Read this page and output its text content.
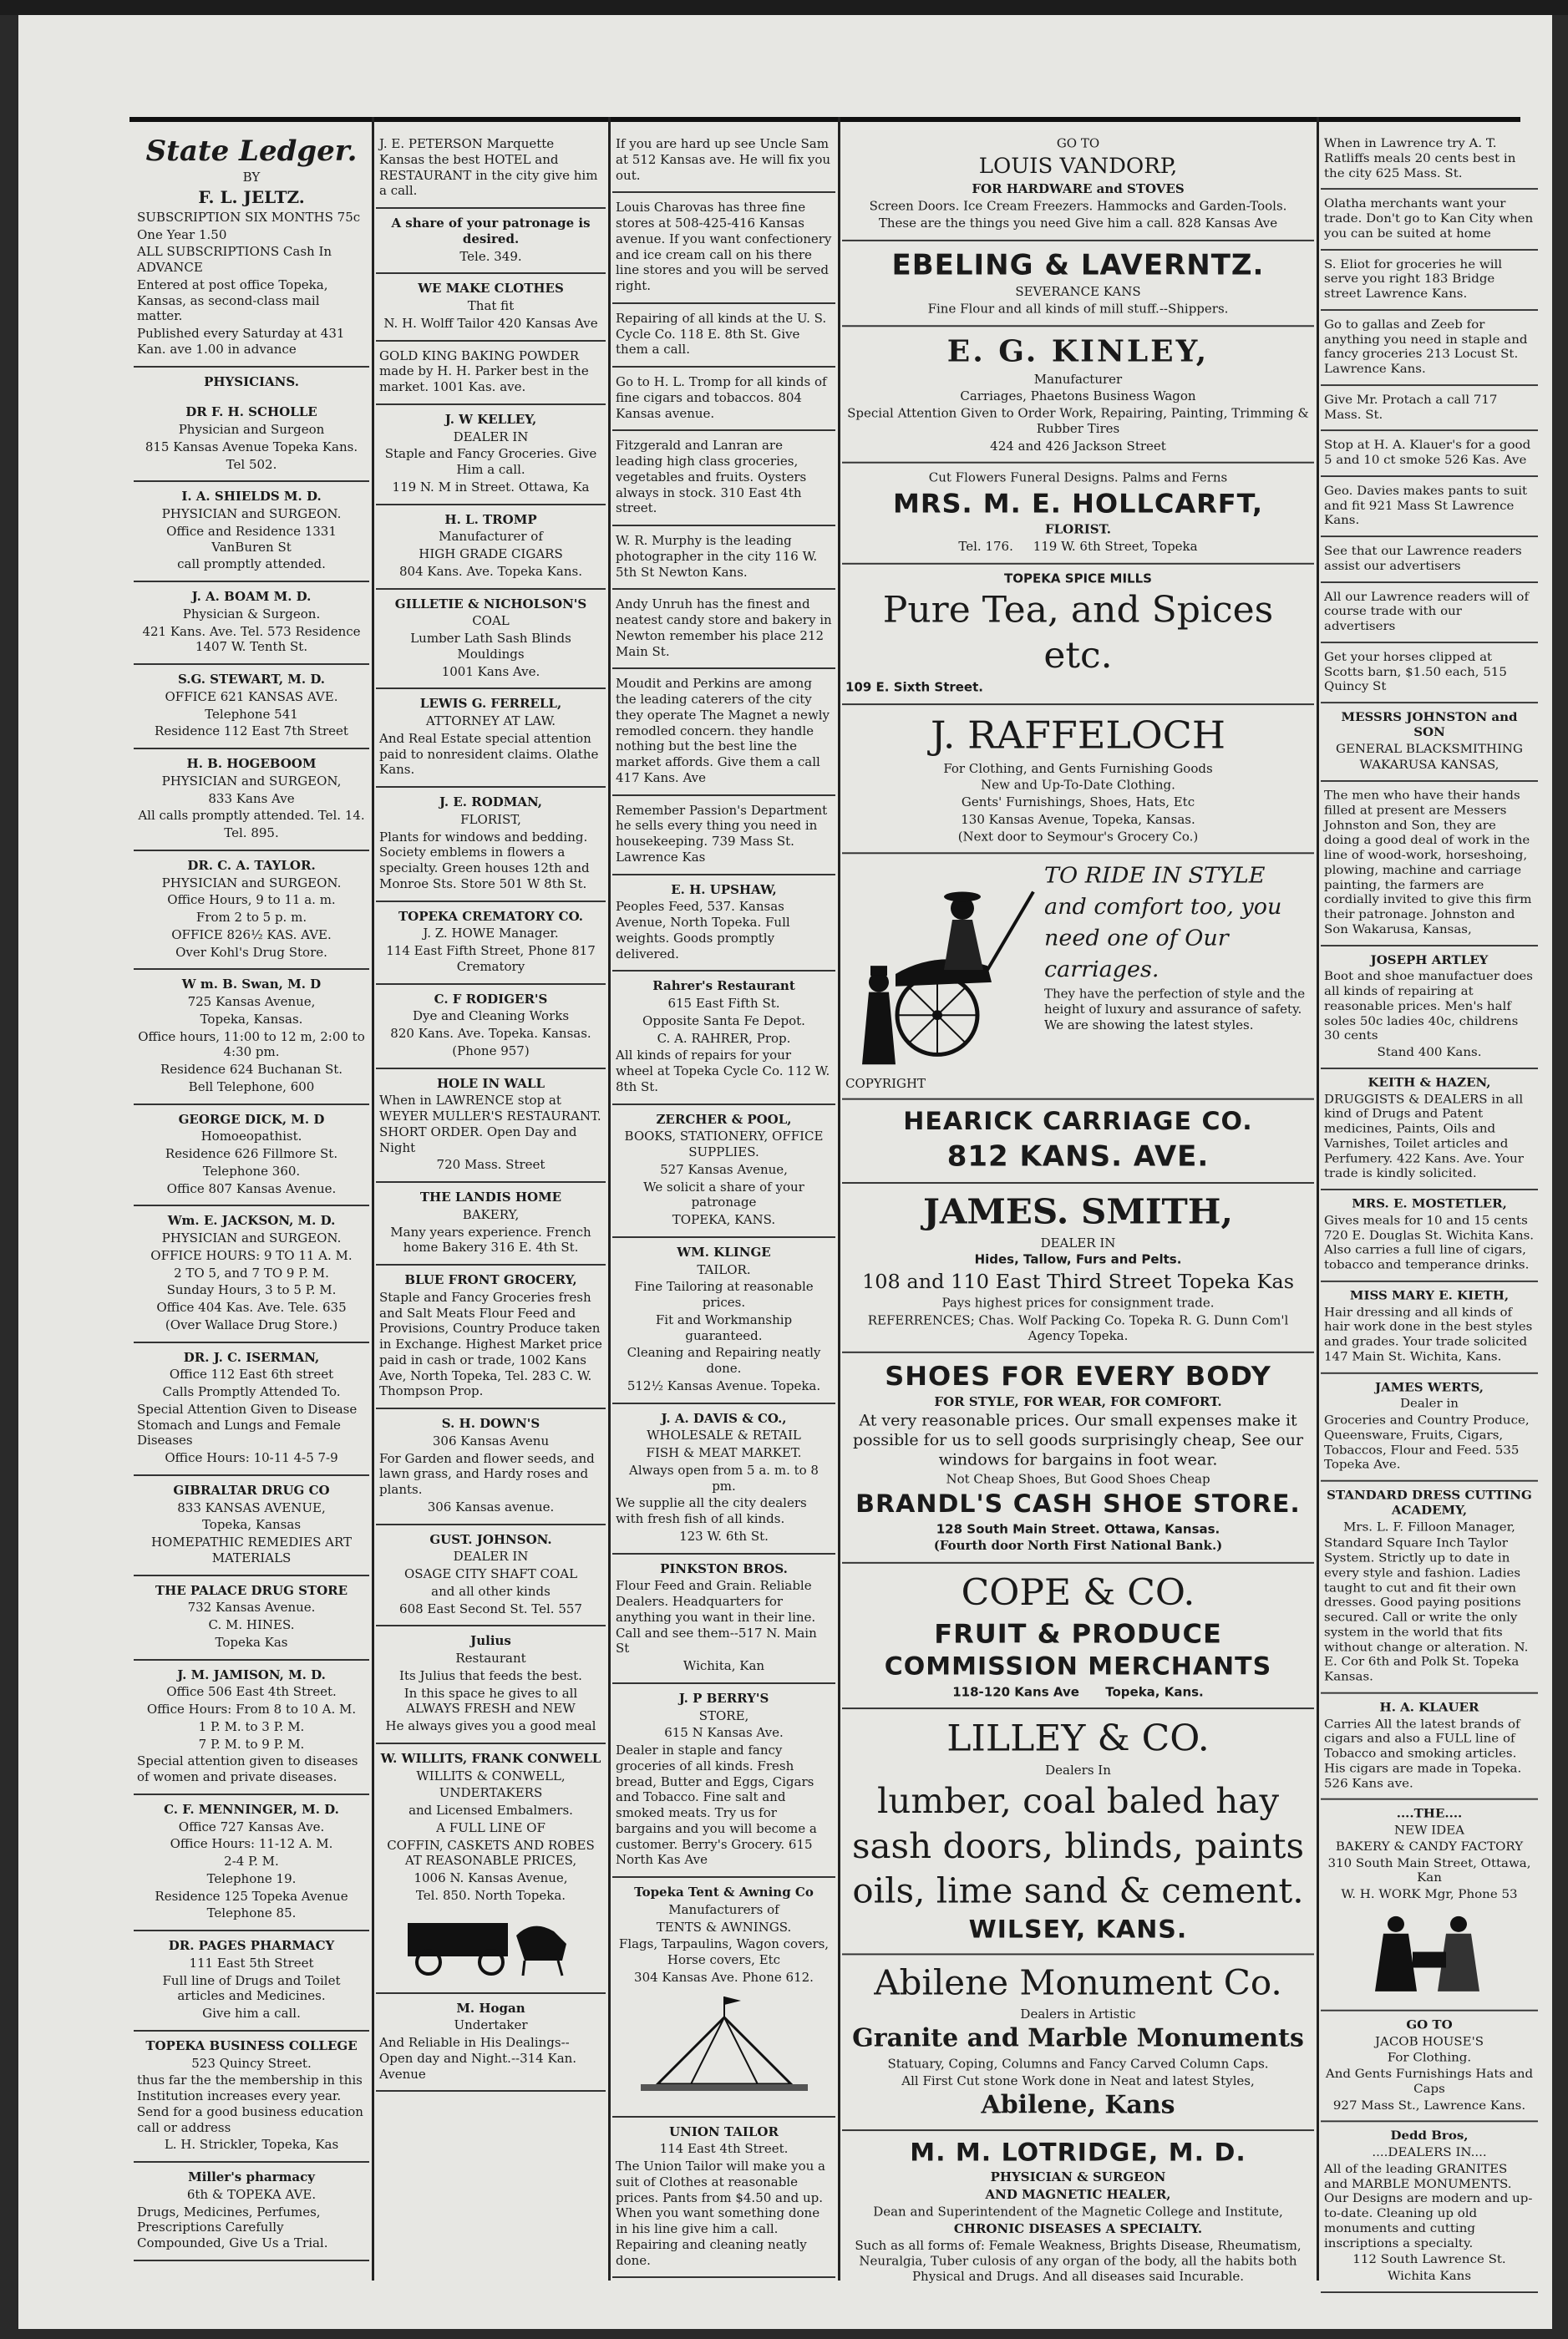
State Ledger.

BY

F. L. JELTZ.

SUBSCRIPTION SIX MONTHS 75c

One Year 1.50

ALL SUBSCRIPTIONS Cash In ADVANCE

Entered at post office Topeka, Kansas, as second-class mail matter.

Published every Saturday at 431 Kan. ave 1.00 in advance

PHYSICIANS.

DR F. H. SCHOLLE

Physician and Surgeon

815 Kansas Avenue Topeka Kans.

Tel 502.

I. A. SHIELDS M. D.

PHYSICIAN and SURGEON.

Office and Residence 1331 VanBuren St

call promptly attended.

J. A. BOAM M. D.

Physician & Surgeon.

421 Kans. Ave. Tel. 573 Residence 1407 W. Tenth St.

S.G. STEWART, M. D.

OFFICE 621 KANSAS AVE.

Telephone 541

Residence 112 East 7th Street

H. B. HOGEBOOM

PHYSICIAN and SURGEON,

833 Kans Ave

All calls promptly attended. Tel. 14.

Tel. 895.

DR. C. A. TAYLOR.

PHYSICIAN and SURGEON.

Office Hours, 9 to 11 a. m.

From 2 to 5 p. m.

OFFICE 826½ KAS. AVE.

Over Kohl's Drug Store.

W m. B. Swan, M. D

725 Kansas Avenue,

Topeka, Kansas.

Office hours, 11:00 to 12 m, 2:00 to 4:30 pm.

Residence 624 Buchanan St.

Bell Telephone, 600

GEORGE DICK, M. D

Homoeopathist.

Residence 626 Fillmore St.

Telephone 360.

Office 807 Kansas Avenue.

Wm. E. JACKSON, M. D.

PHYSICIAN and SURGEON.

OFFICE HOURS: 9 TO 11 A. M.

2 TO 5, and 7 TO 9 P. M.

Sunday Hours, 3 to 5 P. M.

Office 404 Kas. Ave. Tele. 635

(Over Wallace Drug Store.)

DR. J. C. ISERMAN,

Office 112 East 6th street

Calls Promptly Attended To.

Special Attention Given to Disease Stomach and Lungs and Female Diseases

Office Hours: 10-11 4-5 7-9

GIBRALTAR DRUG CO

833 KANSAS AVENUE,

Topeka, Kansas

HOMEPATHIC REMEDIES ART MATERIALS

THE PALACE DRUG STORE

732 Kansas Avenue.

C. M. HINES.

Topeka Kas

J. M. JAMISON, M. D.

Office 506 East 4th Street.

Office Hours: From 8 to 10 A. M.

1 P. M. to 3 P. M.

7 P. M. to 9 P. M.

Special attention given to diseases of women and private diseases.

C. F. MENNINGER, M. D.

Office 727 Kansas Ave.

Office Hours: 11-12 A. M.

2-4 P. M.

Telephone 19.

Residence 125 Topeka Avenue

Telephone 85.

DR. PAGES PHARMACY

111 East 5th Street

Full line of Drugs and Toilet articles and Medicines.

Give him a call.

TOPEKA BUSINESS COLLEGE

523 Quincy Street.

thus far the the membership in this Institution increases every year. Send for a good business education call or address

L. H. Strickler, Topeka, Kas

Miller's pharmacy

6th & TOPEKA AVE.

Drugs, Medicines, Perfumes, Prescriptions Carefully Compounded, Give Us a Trial.

J. E. PETERSON Marquette Kansas the best HOTEL and RESTAURANT in the city give him a call.

A share of your patronage is desired.

Tele. 349.

WE MAKE CLOTHES

That fit

N. H. Wolff Tailor 420 Kansas Ave

GOLD KING BAKING POWDER made by H. H. Parker best in the market. 1001 Kas. ave.

J. W KELLEY,

DEALER IN

Staple and Fancy Groceries. Give Him a call.

119 N. M in Street. Ottawa, Ka

H. L. TROMP

Manufacturer of

HIGH GRADE CIGARS

804 Kans. Ave. Topeka Kans.

GILLETIE & NICHOLSON'S

COAL

Lumber Lath Sash Blinds Mouldings

1001 Kans Ave.

LEWIS G. FERRELL,

ATTORNEY AT LAW.

And Real Estate special attention paid to nonresident claims. Olathe Kans.

J. E. RODMAN,

FLORIST,

Plants for windows and bedding. Society emblems in flowers a specialty. Green houses 12th and Monroe Sts. Store 501 W 8th St.

TOPEKA CREMATORY CO.

J. Z. HOWE Manager.

114 East Fifth Street, Phone 817 Crematory

C. F RODIGER'S

Dye and Cleaning Works

820 Kans. Ave. Topeka. Kansas.

(Phone 957)

HOLE IN WALL

When in LAWRENCE stop at WEYER MULLER'S RESTAURANT. SHORT ORDER. Open Day and Night

720 Mass. Street

THE LANDIS HOME

BAKERY,

Many years experience. French home Bakery 316 E. 4th St.

BLUE FRONT GROCERY,

Staple and Fancy Groceries fresh and Salt Meats Flour Feed and Provisions, Country Produce taken in Exchange. Highest Market price paid in cash or trade, 1002 Kans Ave, North Topeka, Tel. 283 C. W. Thompson Prop.

S. H. DOWN'S

306 Kansas Avenu

For Garden and flower seeds, and lawn grass, and Hardy roses and plants.

306 Kansas avenue.

GUST. JOHNSON.

DEALER IN

OSAGE CITY SHAFT COAL

and all other kinds

608 East Second St. Tel. 557

Julius

Restaurant

Its Julius that feeds the best.

In this space he gives to all ALWAYS FRESH and NEW

He always gives you a good meal

W. WILLITS, FRANK CONWELL

WILLITS & CONWELL,

UNDERTAKERS

and Licensed Embalmers.

A FULL LINE OF

COFFIN, CASKETS AND ROBES AT REASONABLE PRICES,

1006 N. Kansas Avenue,

Tel. 850. North Topeka.

M. Hogan

Undertaker

And Reliable in His Dealings--Open day and Night.--314 Kan. Avenue

If you are hard up see Uncle Sam at 512 Kansas ave. He will fix you out.

Louis Charovas has three fine stores at 508-425-416 Kansas avenue. If you want confectionery and ice cream call on his there line stores and you will be served right.

Repairing of all kinds at the U. S. Cycle Co. 118 E. 8th St. Give them a call.

Go to H. L. Tromp for all kinds of fine cigars and tobaccos. 804 Kansas avenue.

Fitzgerald and Lanran are leading high class groceries, vegetables and fruits. Oysters always in stock. 310 East 4th street.

W. R. Murphy is the leading photographer in the city 116 W. 5th St Newton Kans.

Andy Unruh has the finest and neatest candy store and bakery in Newton remember his place 212 Main St.

Moudit and Perkins are among the leading caterers of the city they operate The Magnet a newly remodled concern. they handle nothing but the best line the market affords. Give them a call 417 Kans. Ave

Remember Passion's Department he sells every thing you need in housekeeping. 739 Mass St. Lawrence Kas

E. H. UPSHAW,

Peoples Feed, 537. Kansas Avenue, North Topeka. Full weights. Goods promptly delivered.

Rahrer's Restaurant

615 East Fifth St.

Opposite Santa Fe Depot.

C. A. RAHRER, Prop.

All kinds of repairs for your wheel at Topeka Cycle Co. 112 W. 8th St.

ZERCHER & POOL,

BOOKS, STATIONERY, OFFICE SUPPLIES.

527 Kansas Avenue,

We solicit a share of your patronage

TOPEKA, KANS.

WM. KLINGE

TAILOR.

Fine Tailoring at reasonable prices.

Fit and Workmanship guaranteed.

Cleaning and Repairing neatly done.

512½ Kansas Avenue. Topeka.

J. A. DAVIS & CO.,

WHOLESALE & RETAIL

FISH & MEAT MARKET.

Always open from 5 a. m. to 8 pm.

We supplie all the city dealers with fresh fish of all kinds.

123 W. 6th St.

PINKSTON BROS.

Flour Feed and Grain. Reliable Dealers. Headquarters for anything you want in their line. Call and see them--517 N. Main St

Wichita, Kan

J. P BERRY'S

STORE,

615 N Kansas Ave.

Dealer in staple and fancy groceries of all kinds. Fresh bread, Butter and Eggs, Cigars and Tobacco. Fine salt and smoked meats. Try us for bargains and you will become a customer. Berry's Grocery. 615 North Kas Ave

Topeka Tent & Awning Co

Manufacturers of

TENTS & AWNINGS.

Flags, Tarpaulins, Wagon covers, Horse covers, Etc

304 Kansas Ave. Phone 612.

UNION TAILOR

114 East 4th Street.

The Union Tailor will make you a suit of Clothes at reasonable prices. Pants from $4.50 and up. When you want something done in his line give him a call. Repairing and cleaning neatly done.

GO TO

LOUIS VANDORP,

FOR HARDWARE and STOVES

Screen Doors. Ice Cream Freezers. Hammocks and Garden-Tools.

These are the things you need Give him a call. 828 Kansas Ave

EBELING & LAVERNTZ.

SEVERANCE KANS

Fine Flour and all kinds of mill stuff.--Shippers.

E. G. KINLEY,

Manufacturer

Carriages, Phaetons Business Wagon

Special Attention Given to Order Work, Repairing, Painting, Trimming & Rubber Tires

424 and 426 Jackson Street

Cut Flowers Funeral Designs. Palms and Ferns

MRS. M. E. HOLLCARFT,

FLORIST.

Tel. 176. 119 W. 6th Street, Topeka

TOPEKA SPICE MILLS

Pure Tea, and Spices etc.

109 E. Sixth Street.

J. RAFFELOCH

For Clothing, and Gents Furnishing Goods

New and Up-To-Date Clothing.

Gents' Furnishings, Shoes, Hats, Etc

130 Kansas Avenue, Topeka, Kansas.

(Next door to Seymour's Grocery Co.)

COPYRIGHT

TO RIDE IN STYLE and comfort too, you need one of Our carriages.

They have the perfection of style and the height of luxury and assurance of safety. We are showing the latest styles.

HEARICK CARRIAGE CO.

812 KANS. AVE.

JAMES. SMITH,

DEALER IN

Hides, Tallow, Furs and Pelts.

108 and 110 East Third Street Topeka Kas

Pays highest prices for consignment trade.

REFERRENCES; Chas. Wolf Packing Co. Topeka R. G. Dunn Com'l Agency Topeka.

SHOES FOR EVERY BODY

FOR STYLE, FOR WEAR, FOR COMFORT.

At very reasonable prices. Our small expenses make it possible for us to sell goods surprisingly cheap, See our windows for bargains in foot wear.

Not Cheap Shoes, But Good Shoes Cheap

BRANDL'S CASH SHOE STORE.

128 South Main Street. Ottawa, Kansas.

(Fourth door North First National Bank.)

COPE & CO.

FRUIT & PRODUCE

COMMISSION MERCHANTS

118-120 Kans Ave Topeka, Kans.

LILLEY & CO.

Dealers In

lumber, coal baled hay

sash doors, blinds, paints

oils, lime sand & cement.

WILSEY, KANS.

Abilene Monument Co.

Dealers in Artistic

Granite and Marble Monuments

Statuary, Coping, Columns and Fancy Carved Column Caps.

All First Cut stone Work done in Neat and latest Styles,

Abilene, Kans

M. M. LOTRIDGE, M. D.

PHYSICIAN & SURGEON

AND MAGNETIC HEALER,

Dean and Superintendent of the Magnetic College and Institute,

CHRONIC DISEASES A SPECIALTY.

Such as all forms of: Female Weakness, Brights Disease, Rheumatism, Neuralgia, Tuber culosis of any organ of the body, all the habits both Physical and Drugs. And all diseases said Incurable.

When in Lawrence try A. T. Ratliffs meals 20 cents best in the city 625 Mass. St.

Olatha merchants want your trade. Don't go to Kan City when you can be suited at home

S. Eliot for groceries he will serve you right 183 Bridge street Lawrence Kans.

Go to gallas and Zeeb for anything you need in staple and fancy groceries 213 Locust St. Lawrence Kans.

Give Mr. Protach a call 717 Mass. St.

Stop at H. A. Klauer's for a good 5 and 10 ct smoke 526 Kas. Ave

Geo. Davies makes pants to suit and fit 921 Mass St Lawrence Kans.

See that our Lawrence readers assist our advertisers

All our Lawrence readers will of course trade with our advertisers

Get your horses clipped at Scotts barn, $1.50 each, 515 Quincy St

MESSRS JOHNSTON and SON

GENERAL BLACKSMITHING

WAKARUSA KANSAS,

The men who have their hands filled at present are Messers Johnston and Son, they are doing a good deal of work in the line of wood-work, horseshoing, plowing, machine and carriage painting, the farmers are cordially invited to give this firm their patronage. Johnston and Son Wakarusa, Kansas,

JOSEPH ARTLEY

Boot and shoe manufactuer does all kinds of repairing at reasonable prices. Men's half soles 50c ladies 40c, childrens 30 cents

Stand 400 Kans.

KEITH & HAZEN,

DRUGGISTS & DEALERS in all kind of Drugs and Patent medicines, Paints, Oils and Varnishes, Toilet articles and Perfumery. 422 Kans. Ave. Your trade is kindly solicited.

MRS. E. MOSTETLER,

Gives meals for 10 and 15 cents 720 E. Douglas St. Wichita Kans. Also carries a full line of cigars, tobacco and temperance drinks.

MISS MARY E. KIETH,

Hair dressing and all kinds of hair work done in the best styles and grades. Your trade solicited 147 Main St. Wichita, Kans.

JAMES WERTS,

Dealer in

Groceries and Country Produce, Queensware, Fruits, Cigars, Tobaccos, Flour and Feed. 535 Topeka Ave.

STANDARD DRESS CUTTING ACADEMY,

Mrs. L. F. Filloon Manager,

Standard Square Inch Taylor System. Strictly up to date in every style and fashion. Ladies taught to cut and fit their own dresses. Good paying positions secured. Call or write the only system in the world that fits without change or alteration. N. E. Cor 6th and Polk St. Topeka Kansas.

H. A. KLAUER

Carries All the latest brands of cigars and also a FULL line of Tobacco and smoking articles. His cigars are made in Topeka. 526 Kans ave.

....THE....

NEW IDEA

BAKERY & CANDY FACTORY

310 South Main Street, Ottawa, Kan

W. H. WORK Mgr, Phone 53

GO TO

JACOB HOUSE'S

For Clothing.

And Gents Furnishings Hats and Caps

927 Mass St., Lawrence Kans.

Dedd Bros,

....DEALERS IN....

All of the leading GRANITES and MARBLE MONUMENTS. Our Designs are modern and up-to-date. Cleaning up old monuments and cutting inscriptions a specialty.

112 South Lawrence St.

Wichita Kans
